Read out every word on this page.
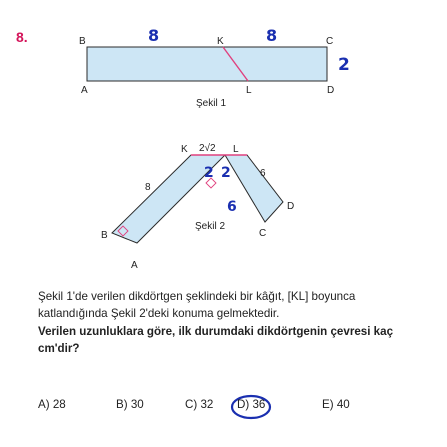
8.	B	K	C
A	L	D
Şekil 1
8	8
2
K 2√2 L
8
6
D
B	C
A
Şekil 2
2 2
6
Şekil 1'de verilen dikdörtgen şeklindeki bir kâğıt, [KL] boyunca katlandığında Şekil 2'deki konuma gelmektedir.
Verilen uzunluklara göre, ilk durumdaki dikdörtgenin çevresi kaç cm'dir?
A) 28	B) 30	C) 32 D) 36	E) 40
